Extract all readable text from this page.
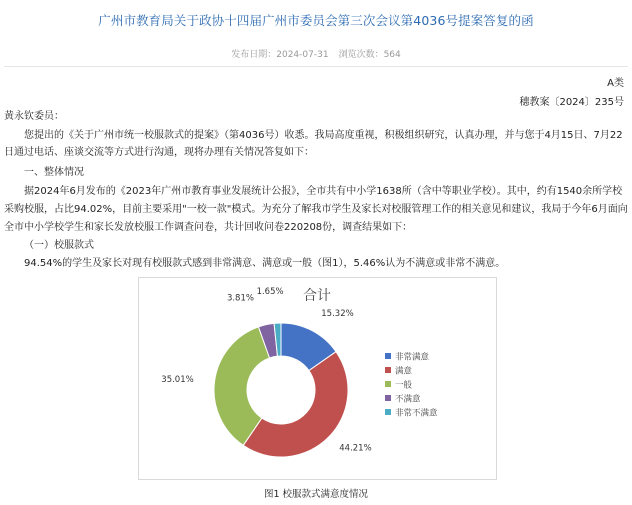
广州市教育局关于政协十四届广州市委员会第三次会议第4036号提案答复的函
发布日期：2024-07-31 浏览次数：564
A类
穗教案〔2024〕235号
黄永钦委员：
您提出的《关于广州市统一校服款式的提案》（第4036号）收悉。我局高度重视，积极组织研究，认真办理，并与您于4月15日、7月22
日通过电话、座谈交流等方式进行沟通，现将办理有关情况答复如下：
一、整体情况
据2024年6月发布的《2023年广州市教育事业发展统计公报》，全市共有中小学1638所（含中等职业学校）。其中，约有1540余所学校
采购校服，占比94.02%，目前主要采用"一校一款"模式。为充分了解我市学生及家长对校服管理工作的相关意见和建议，我局于今年6月面向
全市中小学校学生和家长发放校服工作调查问卷，共计回收问卷220208份，调查结果如下：
（一）校服款式
94.54%的学生及家长对现有校服款式感到非常满意、满意或一般（图1），5.46%认为不满意或非常不满意。
合计
15.32%
44.21%
35.01%
3.81%
1.65%
非常满意
满意
一般
不满意
非常不满意
图1 校服款式满意度情况
